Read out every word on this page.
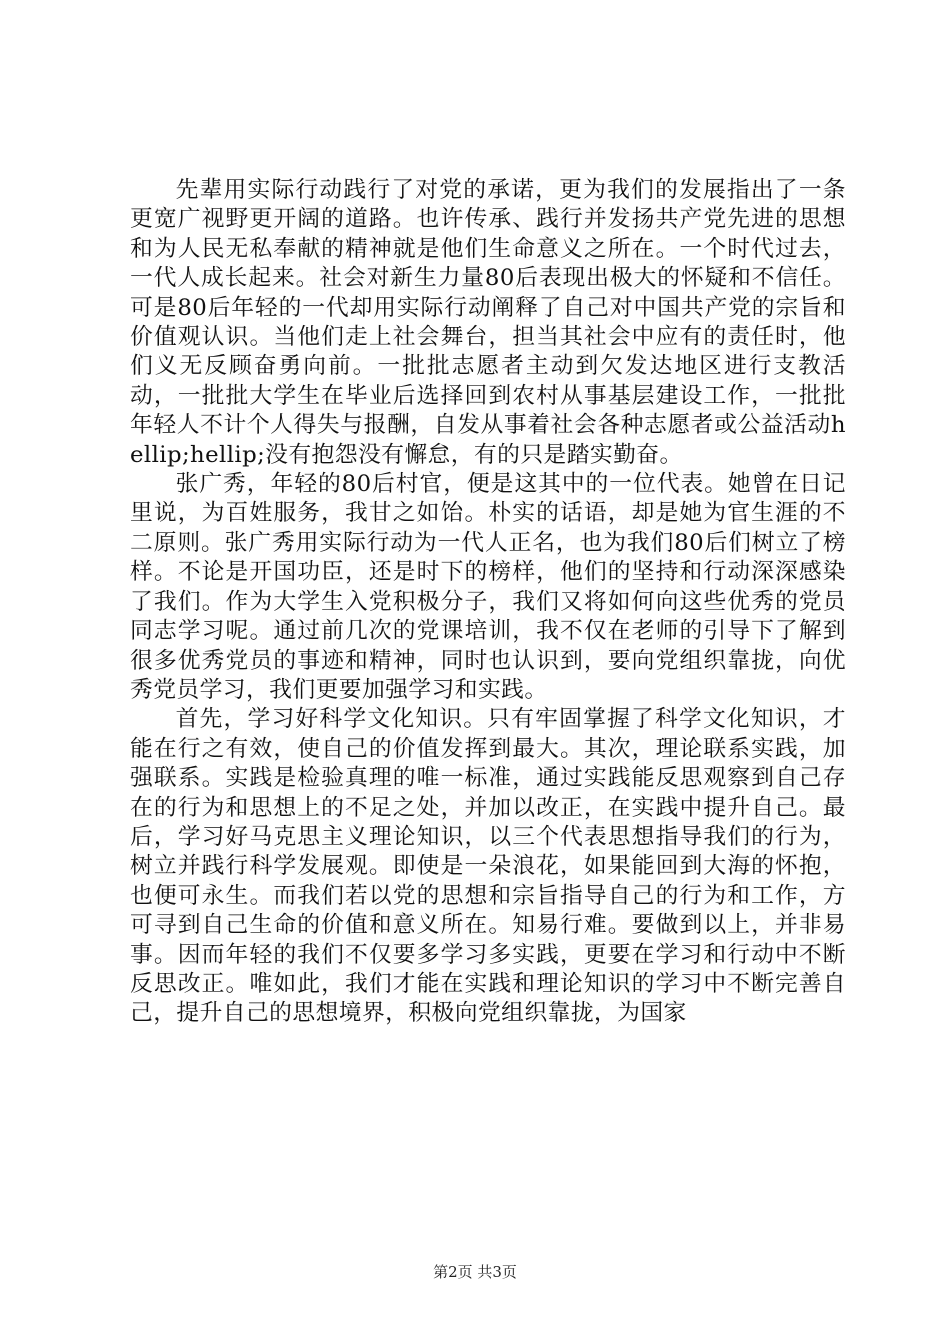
先辈用实际行动践行了对党的承诺，更为我们的发展指出了一条更宽广视野更开阔的道路。也许传承、践行并发扬共产党先进的思想和为人民无私奉献的精神就是他们生命意义之所在。一个时代过去，一代人成长起来。社会对新生力量80后表现出极大的怀疑和不信任。可是80后年轻的一代却用实际行动阐释了自己对中国共产党的宗旨和价值观认识。当他们走上社会舞台，担当其社会中应有的责任时，他们义无反顾奋勇向前。一批批志愿者主动到欠发达地区进行支教活动，一批批大学生在毕业后选择回到农村从事基层建设工作，一批批年轻人不计个人得失与报酬，自发从事着社会各种志愿者或公益活动hellip;hellip;没有抱怨没有懈怠，有的只是踏实勤奋。

张广秀，年轻的80后村官，便是这其中的一位代表。她曾在日记里说，为百姓服务，我甘之如饴。朴实的话语，却是她为官生涯的不二原则。张广秀用实际行动为一代人正名，也为我们80后们树立了榜样。不论是开国功臣，还是时下的榜样，他们的坚持和行动深深感染了我们。作为大学生入党积极分子，我们又将如何向这些优秀的党员同志学习呢。通过前几次的党课培训，我不仅在老师的引导下了解到很多优秀党员的事迹和精神，同时也认识到，要向党组织靠拢，向优秀党员学习，我们更要加强学习和实践。

首先，学习好科学文化知识。只有牢固掌握了科学文化知识，才能在行之有效，使自己的价值发挥到最大。其次，理论联系实践，加强联系。实践是检验真理的唯一标准，通过实践能反思观察到自己存在的行为和思想上的不足之处，并加以改正，在实践中提升自己。最后，学习好马克思主义理论知识，以三个代表思想指导我们的行为，树立并践行科学发展观。即使是一朵浪花，如果能回到大海的怀抱，也便可永生。而我们若以党的思想和宗旨指导自己的行为和工作，方可寻到自己生命的价值和意义所在。知易行难。要做到以上，并非易事。因而年轻的我们不仅要多学习多实践，更要在学习和行动中不断反思改正。唯如此，我们才能在实践和理论知识的学习中不断完善自己，提升自己的思想境界，积极向党组织靠拢，为国家

第2页 共3页
